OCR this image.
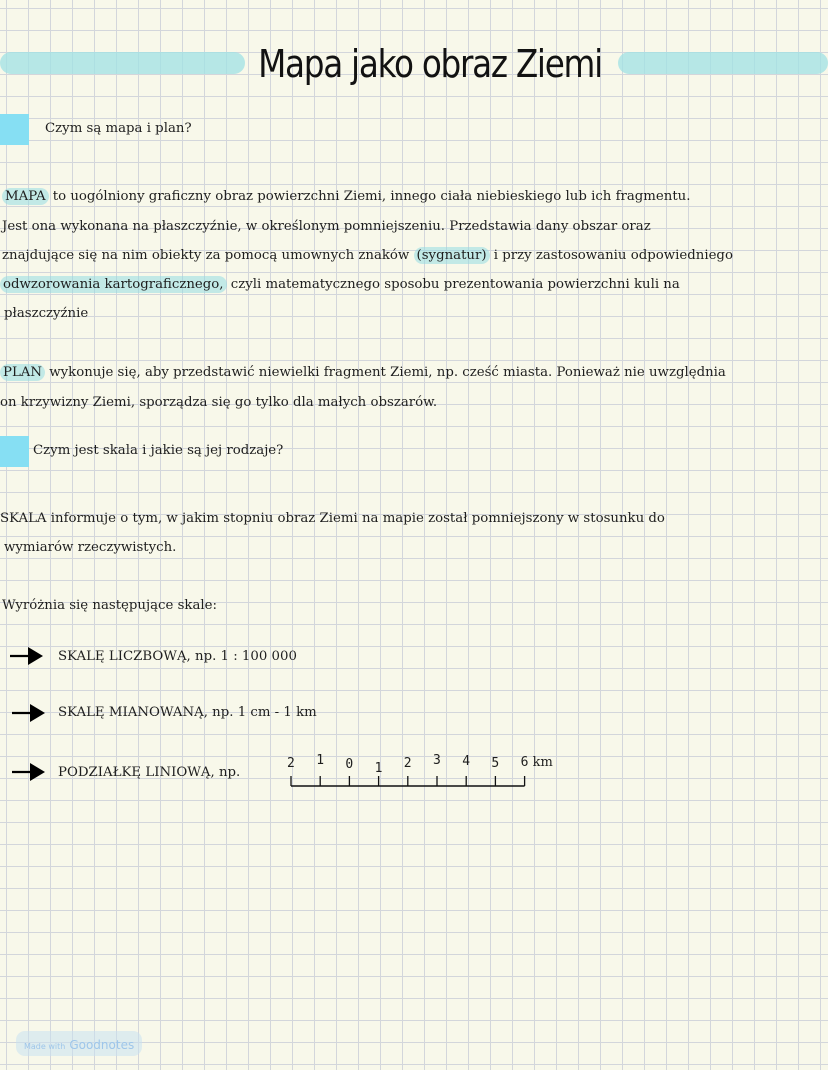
Mapa jako obraz Ziemi
Czym są mapa i plan?
MAPA to uogólniony graficzny obraz powierzchni Ziemi, innego ciała niebieskiego lub ich fragmentu.
Jest ona wykonana na płaszczyźnie, w określonym pomniejszeniu. Przedstawia dany obszar oraz
znajdujące się na nim obiekty za pomocą umownych znaków (sygnatur) i przy zastosowaniu odpowiedniego
odwzorowania kartograficznego, czyli matematycznego sposobu prezentowania powierzchni kuli na
płaszczyźnie
PLAN wykonuje się, aby przedstawić niewielki fragment Ziemi, np. cześć miasta. Ponieważ nie uwzględnia
on krzywizny Ziemi, sporządza się go tylko dla małych obszarów.
Czym jest skala i jakie są jej rodzaje?
SKALA informuje o tym, w jakim stopniu obraz Ziemi na mapie został pomniejszony w stosunku do
wymiarów rzeczywistych.
Wyróżnia się następujące skale:
SKALĘ LICZBOWĄ, np. 1 : 100 000
SKALĘ MIANOWANĄ, np. 1 cm - 1 km
PODZIAŁKĘ LINIOWĄ, np.
2 1 0 1 2 3 4 5 6 km
Made with Goodnotes
